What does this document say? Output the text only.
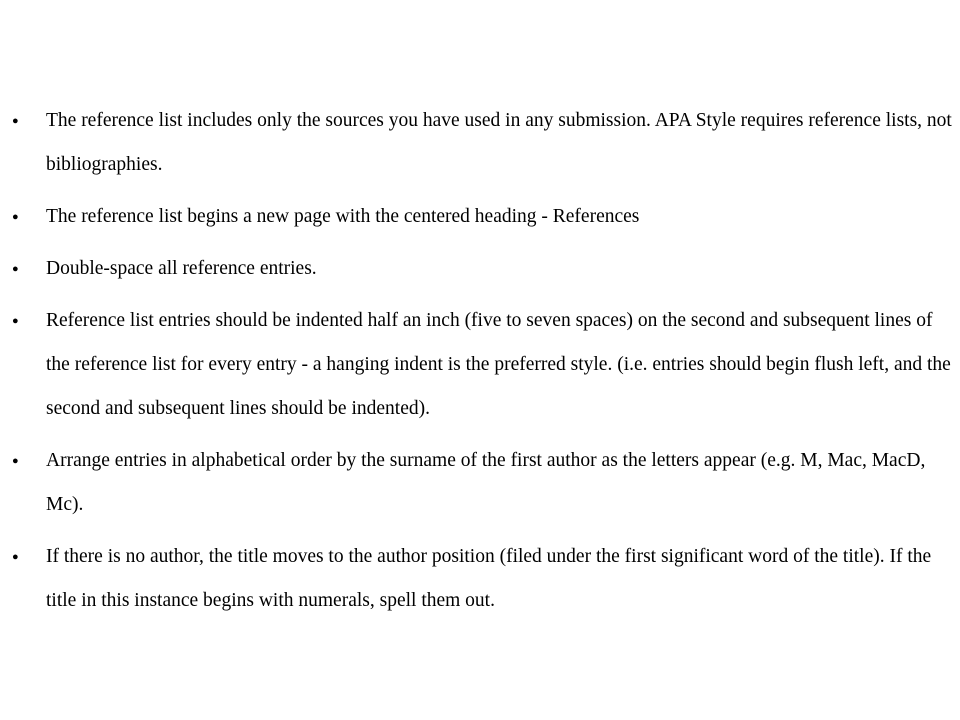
● The reference list includes only the sources you have used in any submission. APA Style requires reference lists, not bibliographies.
● The reference list begins a new page with the centered heading - References
● Double-space all reference entries.
● Reference list entries should be indented half an inch (five to seven spaces) on the second and subsequent lines of the reference list for every entry - a hanging indent is the preferred style. (i.e. entries should begin flush left, and the second and subsequent lines should be indented).
● Arrange entries in alphabetical order by the surname of the first author as the letters appear (e.g. M, Mac, MacD, Mc).
● If there is no author, the title moves to the author position (filed under the first significant word of the title). If the title in this instance begins with numerals, spell them out.
